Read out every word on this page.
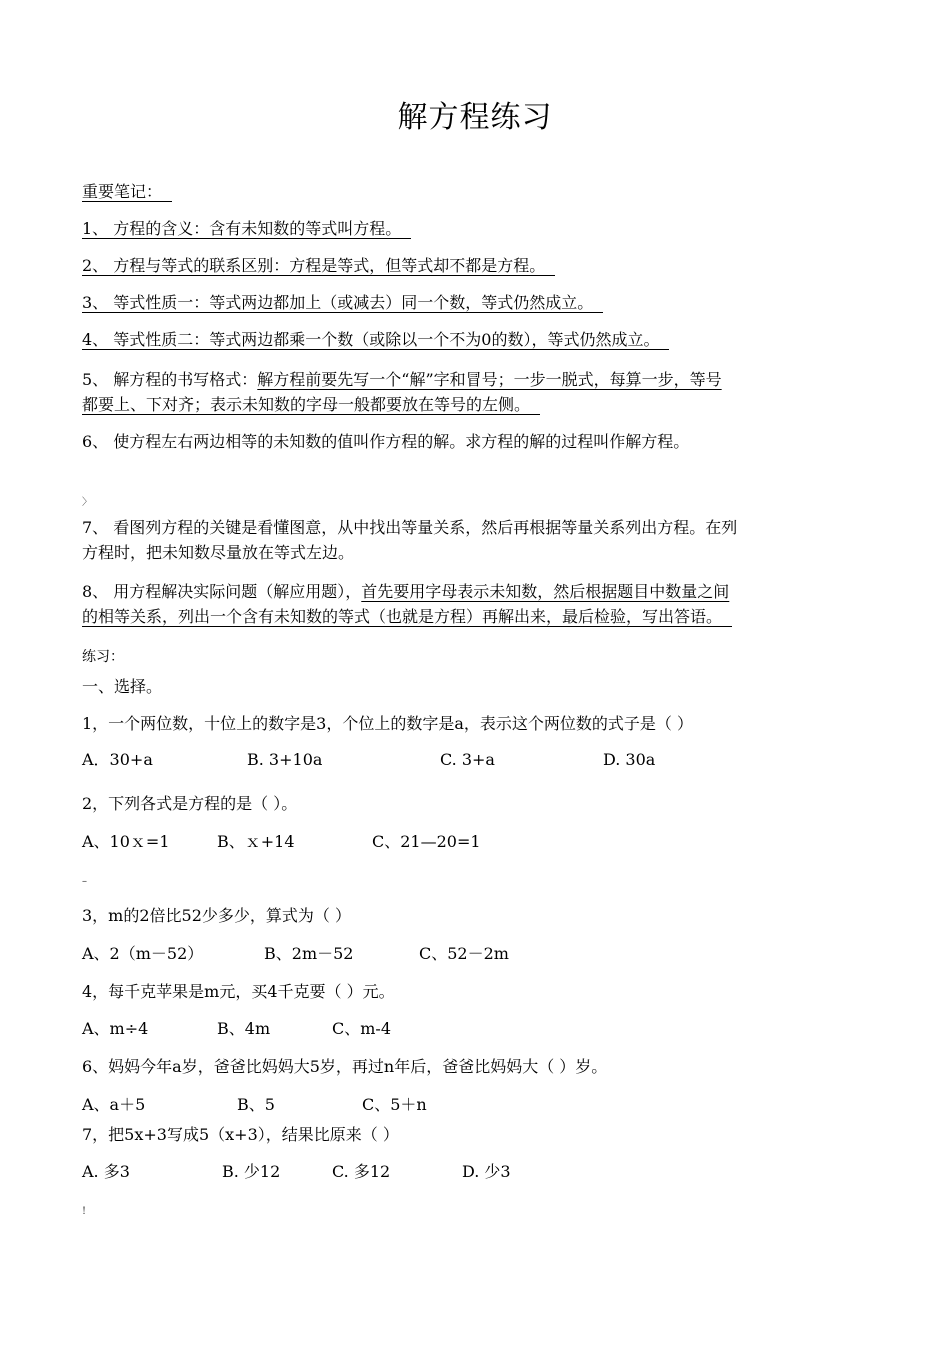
解方程练习
重要笔记：
1、 方程的含义：含有未知数的等式叫方程。
2、 方程与等式的联系区别：方程是等式，但等式却不都是方程。
3、 等式性质一：等式两边都加上（或减去）同一个数，等式仍然成立。
4、 等式性质二：等式两边都乘一个数（或除以一个不为0的数），等式仍然成立。
5、 解方程的书写格式：解方程前要先写一个“解”字和冒号；一步一脱式，每算一步，等号
都要上、下对齐；表示未知数的字母一般都要放在等号的左侧。
6、 使方程左右两边相等的未知数的值叫作方程的解。求方程的解的过程叫作解方程。
〉
7、 看图列方程的关键是看懂图意，从中找出等量关系，然后再根据等量关系列出方程。在列
方程时，把未知数尽量放在等式左边。
8、 用方程解决实际问题（解应用题），首先要用字母表示未知数，然后根据题目中数量之间
的相等关系，列出一个含有未知数的等式（也就是方程）再解出来，最后检验，写出答语。
练习：
一、选择。
1，一个两位数，十位上的数字是3，个位上的数字是a，表示这个两位数的式子是（ ）
A．30+a	B. 3+10a	C. 3+a	D. 30a
2，下列各式是方程的是（ ）。
A、10ｘ=1	B、ｘ+14	C、21—20=1
–
3，m的2倍比52少多少，算式为（ ）
A、2（m－52）	B、2m－52	C、52－2m
4，每千克苹果是m元，买4千克要（ ）元。
A、m÷4	B、4m	C、m-4
6、妈妈今年a岁，爸爸比妈妈大5岁，再过n年后，爸爸比妈妈大（ ）岁。
A、a＋5	B、5	C、5＋n
7，把5x+3写成5（x+3），结果比原来（ ）
A. 多3	B. 少12	C. 多12	D. 少3
!
